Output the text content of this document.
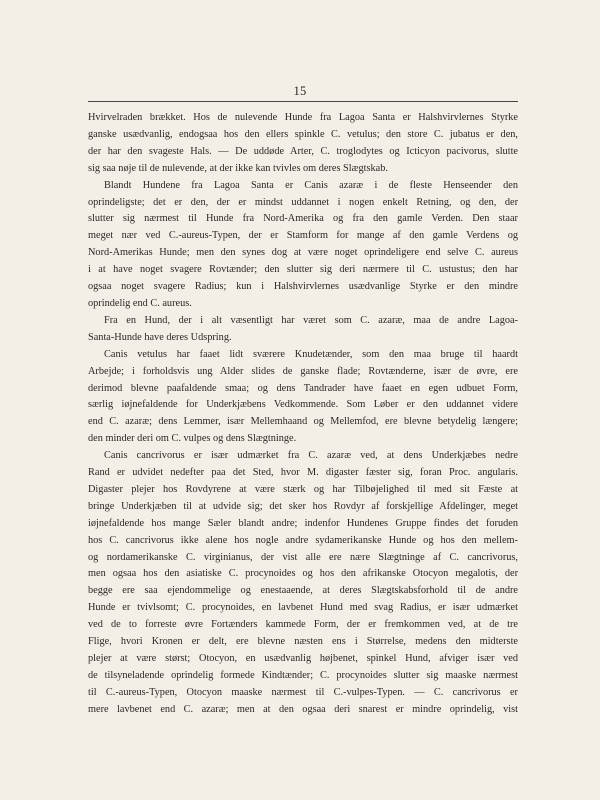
15

Hvirvelraden brækket. Hos de nulevende Hunde fra Lagoa Santa er Halshvirvlernes Styrke
ganske usædvanlig, endogsaa hos den ellers spinkle C. vetulus; den store C. jubatus er den,
der har den svageste Hals. — De uddøde Arter, C. troglodytes og Icticyon pacivorus, slutte
sig saa nøje til de nulevende, at der ikke kan tvivles om deres Slægtskab.

Blandt Hundene fra Lagoa Santa er Canis azaræ i de fleste Henseender den
oprindeligste; det er den, der er mindst uddannet i nogen enkelt Retning, og den, der
slutter sig nærmest til Hunde fra Nord-Amerika og fra den gamle Verden. Den staar
meget nær ved C.-aureus-Typen, der er Stamform for mange af den gamle Verdens og
Nord-Amerikas Hunde; men den synes dog at være noget oprindeligere end selve C. aureus
i at have noget svagere Rovtænder; den slutter sig deri nærmere til C. ustustus; den har
ogsaa noget svagere Radius; kun i Halshvirvlernes usædvanlige Styrke er den mindre
oprindelig end C. aureus.

Fra en Hund, der i alt væsentligt har været som C. azaræ, maa de andre Lagoa-
Santa-Hunde have deres Udspring.

Canis vetulus har faaet lidt sværere Knudetænder, som den maa bruge til haardt
Arbejde; i forholdsvis ung Alder slides de ganske flade; Rovtænderne, især de øvre, ere
derimod blevne paafaldende smaa; og dens Tandrader have faaet en egen udbuet Form,
særlig iøjnefaldende for Underkjæbens Vedkommende. Som Løber er den uddannet videre
end C. azaræ; dens Lemmer, især Mellemhaand og Mellemfod, ere blevne betydelig længere;
den minder deri om C. vulpes og dens Slægtninge.

Canis cancrivorus er især udmærket fra C. azaræ ved, at dens Underkjæbes nedre
Rand er udvidet nedefter paa det Sted, hvor M. digaster fæster sig, foran Proc. angularis.
Digaster plejer hos Rovdyrene at være stærk og har Tilbøjelighed til med sit Fæste at
bringe Underkjæben til at udvide sig; det sker hos Rovdyr af forskjellige Afdelinger, meget
iøjnefaldende hos mange Sæler blandt andre; indenfor Hundenes Gruppe findes det foruden
hos C. cancrivorus ikke alene hos nogle andre sydamerikanske Hunde og hos den mellem-
og nordamerikanske C. virginianus, der vist alle ere nære Slægtninge af C. cancrivorus,
men ogsaa hos den asiatiske C. procynoides og hos den afrikanske Otocyon megalotis, der
begge ere saa ejendommelige og enestaaende, at deres Slægtskabsforhold til de andre
Hunde er tvivlsomt; C. procynoides, en lavbenet Hund med svag Radius, er især udmærket
ved de to forreste øvre Fortænders kammede Form, der er fremkommen ved, at de tre
Flige, hvori Kronen er delt, ere blevne næsten ens i Størrelse, medens den midterste
plejer at være størst; Otocyon, en usædvanlig højbenet, spinkel Hund, afviger især ved
de tilsyneladende oprindelig formede Kindtænder; C. procynoides slutter sig maaske nærmest
til C.-aureus-Typen, Otocyon maaske nærmest til C.-vulpes-Typen. — C. cancrivorus er
mere lavbenet end C. azaræ; men at den ogsaa deri snarest er mindre oprindelig, vist
